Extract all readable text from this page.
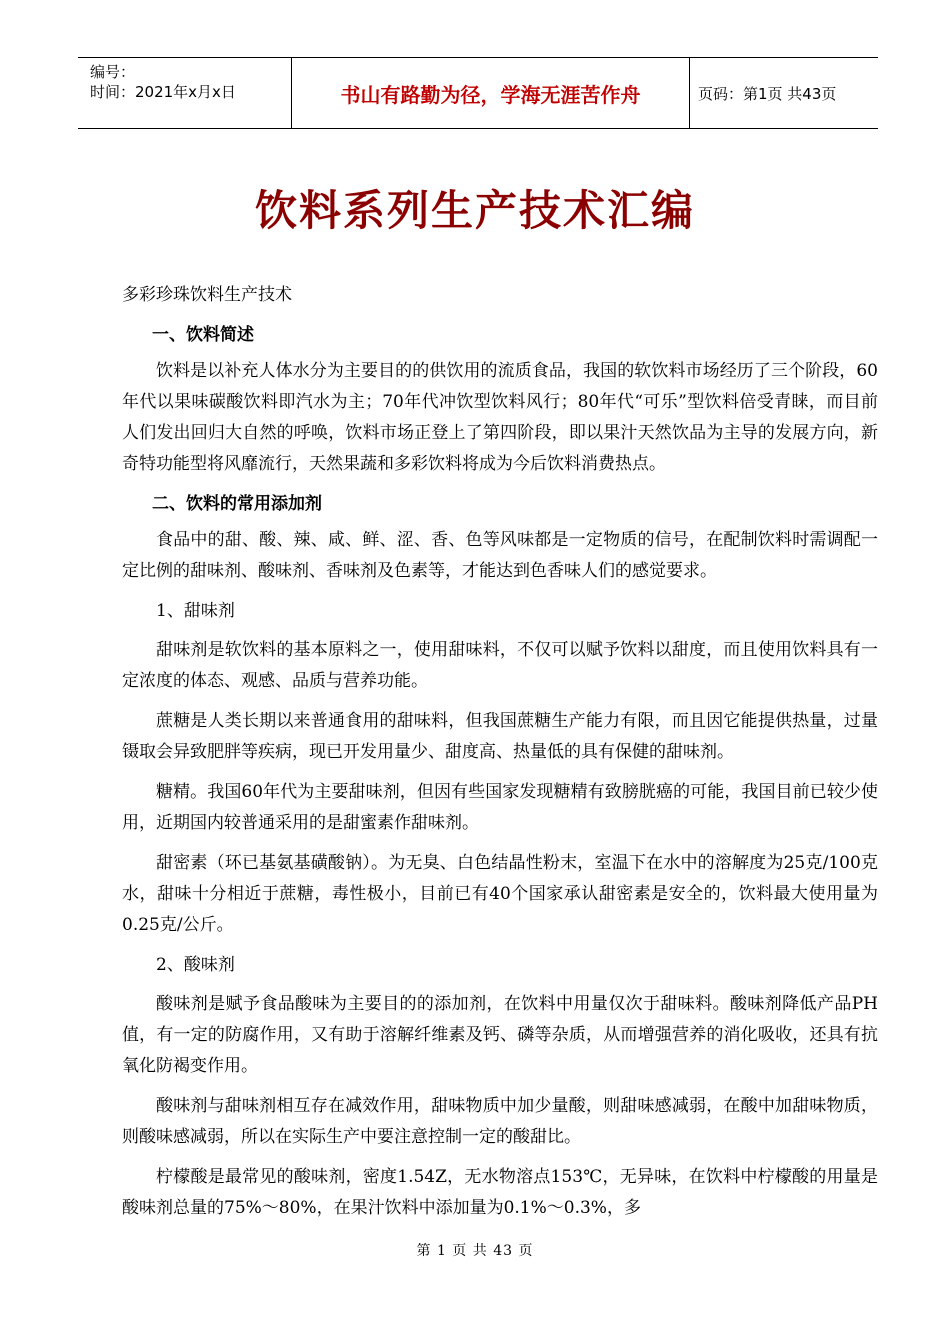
编号：
时间：2021年x月x日	书山有路勤为径，学海无涯苦作舟	页码：第1页 共43页
饮料系列生产技术汇编
多彩珍珠饮料生产技术
一、饮料简述

饮料是以补充人体水分为主要目的的供饮用的流质食品，我国的软饮料市场经历了三个阶段，60年代以果味碳酸饮料即汽水为主；70年代冲饮型饮料风行；80年代“可乐”型饮料倍受青睐，而目前人们发出回归大自然的呼唤，饮料市场正登上了第四阶段，即以果汁天然饮品为主导的发展方向，新奇特功能型将风靡流行，天然果蔬和多彩饮料将成为今后饮料消费热点。

二、饮料的常用添加剂

食品中的甜、酸、辣、咸、鲜、涩、香、色等风味都是一定物质的信号，在配制饮料时需调配一定比例的甜味剂、酸味剂、香味剂及色素等，才能达到色香味人们的感觉要求。

1、甜味剂

甜味剂是软饮料的基本原料之一，使用甜味料，不仅可以赋予饮料以甜度，而且使用饮料具有一定浓度的体态、观感、品质与营养功能。

蔗糖是人类长期以来普通食用的甜味料，但我国蔗糖生产能力有限，而且因它能提供热量，过量镊取会异致肥胖等疾病，现已开发用量少、甜度高、热量低的具有保健的甜味剂。

糖精。我国60年代为主要甜味剂，但因有些国家发现糖精有致膀胱癌的可能，我国目前已较少使用，近期国内较普通采用的是甜蜜素作甜味剂。

甜密素（环已基氨基磺酸钠）。为无臭、白色结晶性粉末，室温下在水中的溶解度为25克/100克水，甜味十分相近于蔗糖，毒性极小，目前已有40个国家承认甜密素是安全的，饮料最大使用量为0.25克/公斤。

2、酸味剂

酸味剂是赋予食品酸味为主要目的的添加剂，在饮料中用量仅次于甜味料。酸味剂降低产品PH值，有一定的防腐作用，又有助于溶解纤维素及钙、磷等杂质，从而增强营养的消化吸收，还具有抗氧化防褐变作用。

酸味剂与甜味剂相互存在减效作用，甜味物质中加少量酸，则甜味感减弱，在酸中加甜味物质，则酸味感减弱，所以在实际生产中要注意控制一定的酸甜比。

柠檬酸是最常见的酸味剂，密度1.54Z，无水物溶点153℃，无异味，在饮料中柠檬酸的用量是酸味剂总量的75%～80%，在果汁饮料中添加量为0.1%～0.3%，多

第 1 页 共 43 页
